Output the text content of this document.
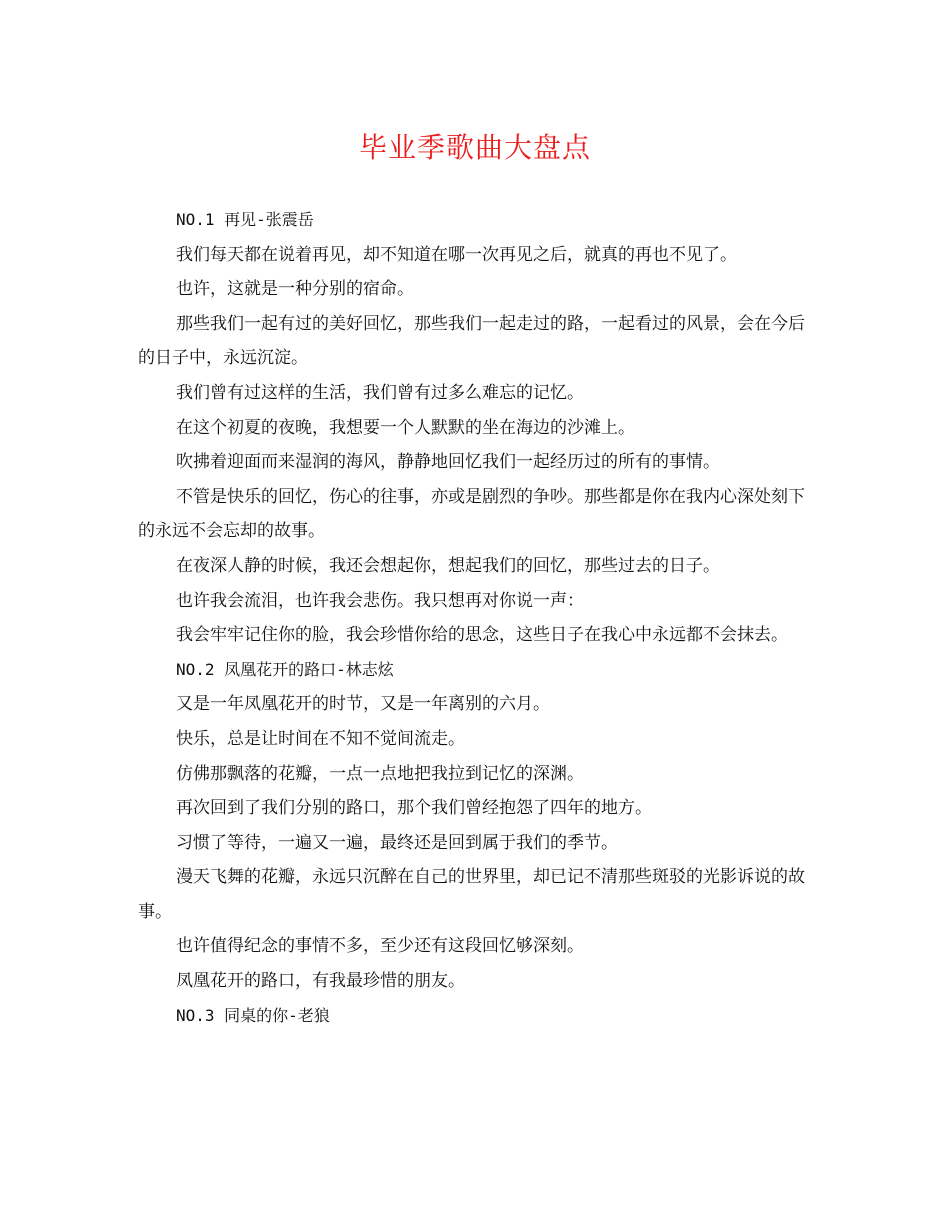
毕业季歌曲大盘点

NO.1 再见-张震岳

我们每天都在说着再见，却不知道在哪一次再见之后，就真的再也不见了。

也许，这就是一种分别的宿命。

那些我们一起有过的美好回忆，那些我们一起走过的路，一起看过的风景，会在今后的日子中，永远沉淀。

我们曾有过这样的生活，我们曾有过多么难忘的记忆。

在这个初夏的夜晚，我想要一个人默默的坐在海边的沙滩上。

吹拂着迎面而来湿润的海风，静静地回忆我们一起经历过的所有的事情。

不管是快乐的回忆，伤心的往事，亦或是剧烈的争吵。那些都是你在我内心深处刻下的永远不会忘却的故事。

在夜深人静的时候，我还会想起你，想起我们的回忆，那些过去的日子。

也许我会流泪，也许我会悲伤。我只想再对你说一声：

我会牢牢记住你的脸，我会珍惜你给的思念，这些日子在我心中永远都不会抹去。

NO.2 凤凰花开的路口-林志炫

又是一年凤凰花开的时节，又是一年离别的六月。

快乐，总是让时间在不知不觉间流走。

仿佛那飘落的花瓣，一点一点地把我拉到记忆的深渊。

再次回到了我们分别的路口，那个我们曾经抱怨了四年的地方。

习惯了等待，一遍又一遍，最终还是回到属于我们的季节。

漫天飞舞的花瓣，永远只沉醉在自己的世界里，却已记不清那些斑驳的光影诉说的故事。

也许值得纪念的事情不多，至少还有这段回忆够深刻。

凤凰花开的路口，有我最珍惜的朋友。

NO.3 同桌的你-老狼
